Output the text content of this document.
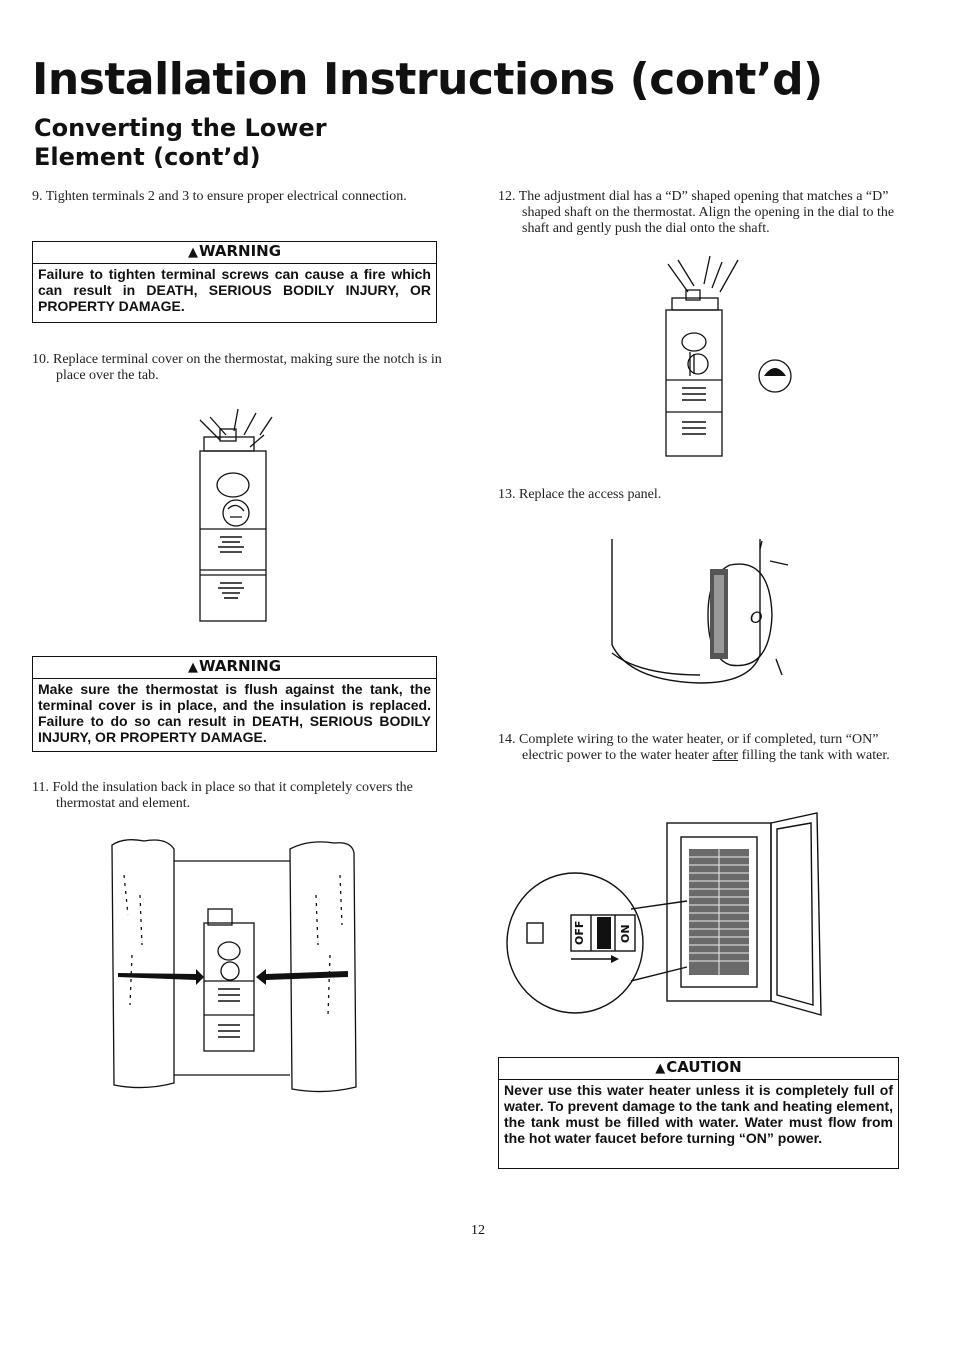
Installation Instructions (cont’d)
Converting the Lower
Element (cont’d)
9. Tighten terminals 2 and 3 to ensure proper electrical connection.
▲WARNING
Failure to tighten terminal screws can cause a fire which can result in DEATH, SERIOUS BODILY INJURY, OR PROPERTY DAMAGE.
10. Replace terminal cover on the thermostat, making sure the notch is in place over the tab.
▲WARNING
Make sure the thermostat is flush against the tank, the terminal cover is in place, and the insulation is replaced. Failure to do so can result in DEATH, SERIOUS BODILY INJURY, OR PROPERTY DAMAGE.
11. Fold the insulation back in place so that it completely covers the thermostat and element.
12. The adjustment dial has a “D” shaped opening that matches a “D” shaped shaft on the thermostat. Align the opening in the dial to the shaft and gently push the dial onto the shaft.
13. Replace the access panel.
O
14. Complete wiring to the water heater, or if completed, turn “ON” electric power to the water heater after filling the tank with water.
OFF	ON
▲CAUTION
Never use this water heater unless it is completely full of water. To prevent damage to the tank and heating element, the tank must be filled with water. Water must flow from the hot water faucet before turning “ON” power.
12
